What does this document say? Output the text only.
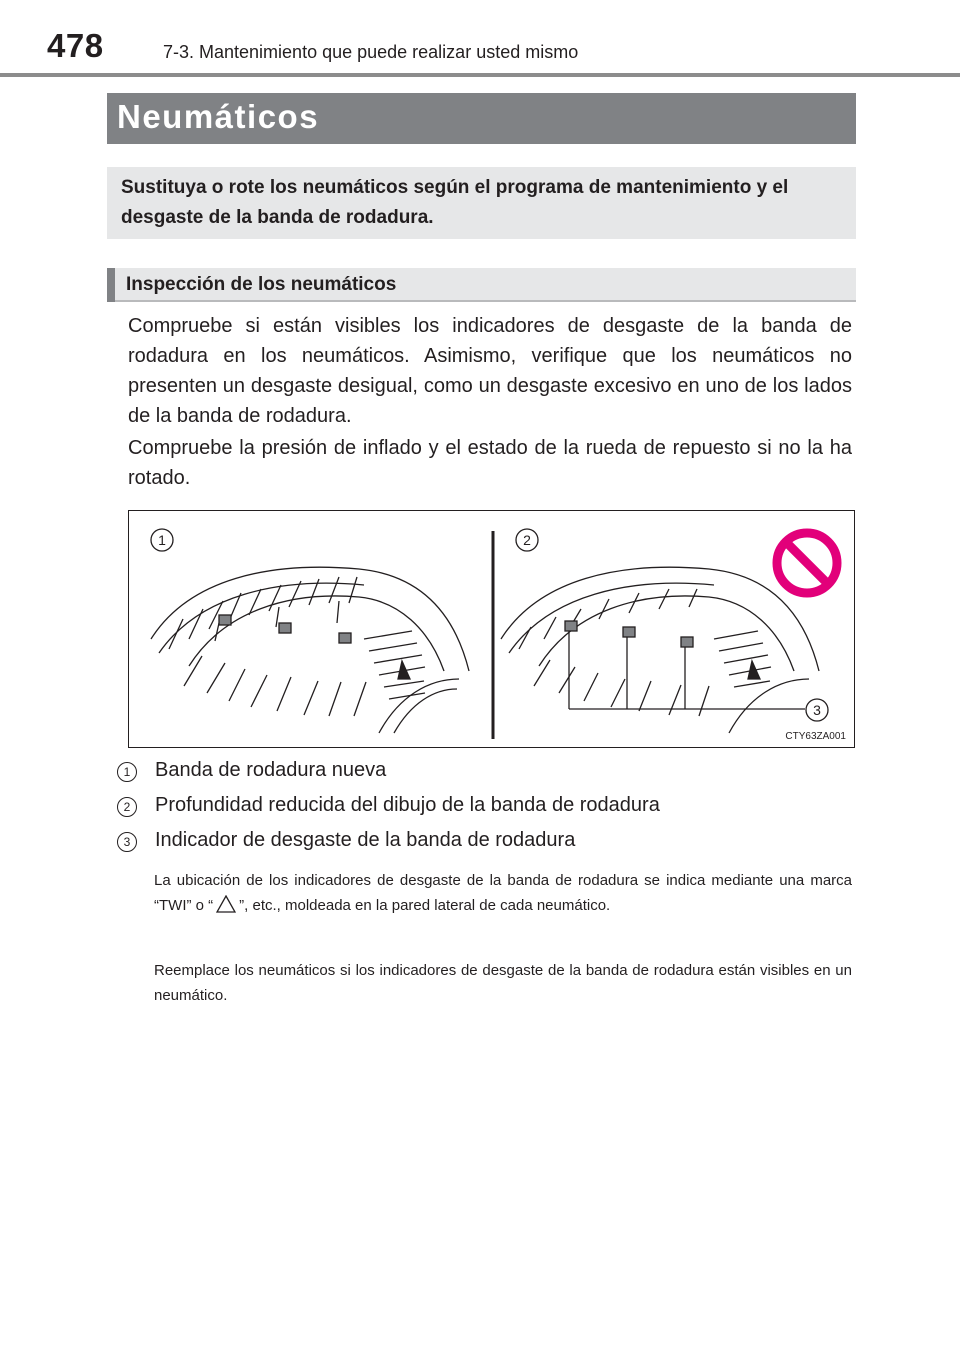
478	7-3. Mantenimiento que puede realizar usted mismo
Neumáticos
Sustituya o rote los neumáticos según el programa de mantenimiento y el desgaste de la banda de rodadura.
Inspección de los neumáticos

Compruebe si están visibles los indicadores de desgaste de la banda de rodadura en los neumáticos. Asimismo, verifique que los neumáticos no presenten un desgaste desigual, como un desgaste excesivo en uno de los lados de la banda de rodadura.

Compruebe la presión de inflado y el estado de la rueda de repuesto si no la ha rotado.

1	2
3
CTY63ZA001
1	Banda de rodadura nueva
2	Profundidad reducida del dibujo de la banda de rodadura
3	Indicador de desgaste de la banda de rodadura

La ubicación de los indicadores de desgaste de la banda de rodadura se indica mediante una marca “TWI” o “ ”, etc., moldeada en la pared lateral de cada neumático.

Reemplace los neumáticos si los indicadores de desgaste de la banda de rodadura están visibles en un neumático.
